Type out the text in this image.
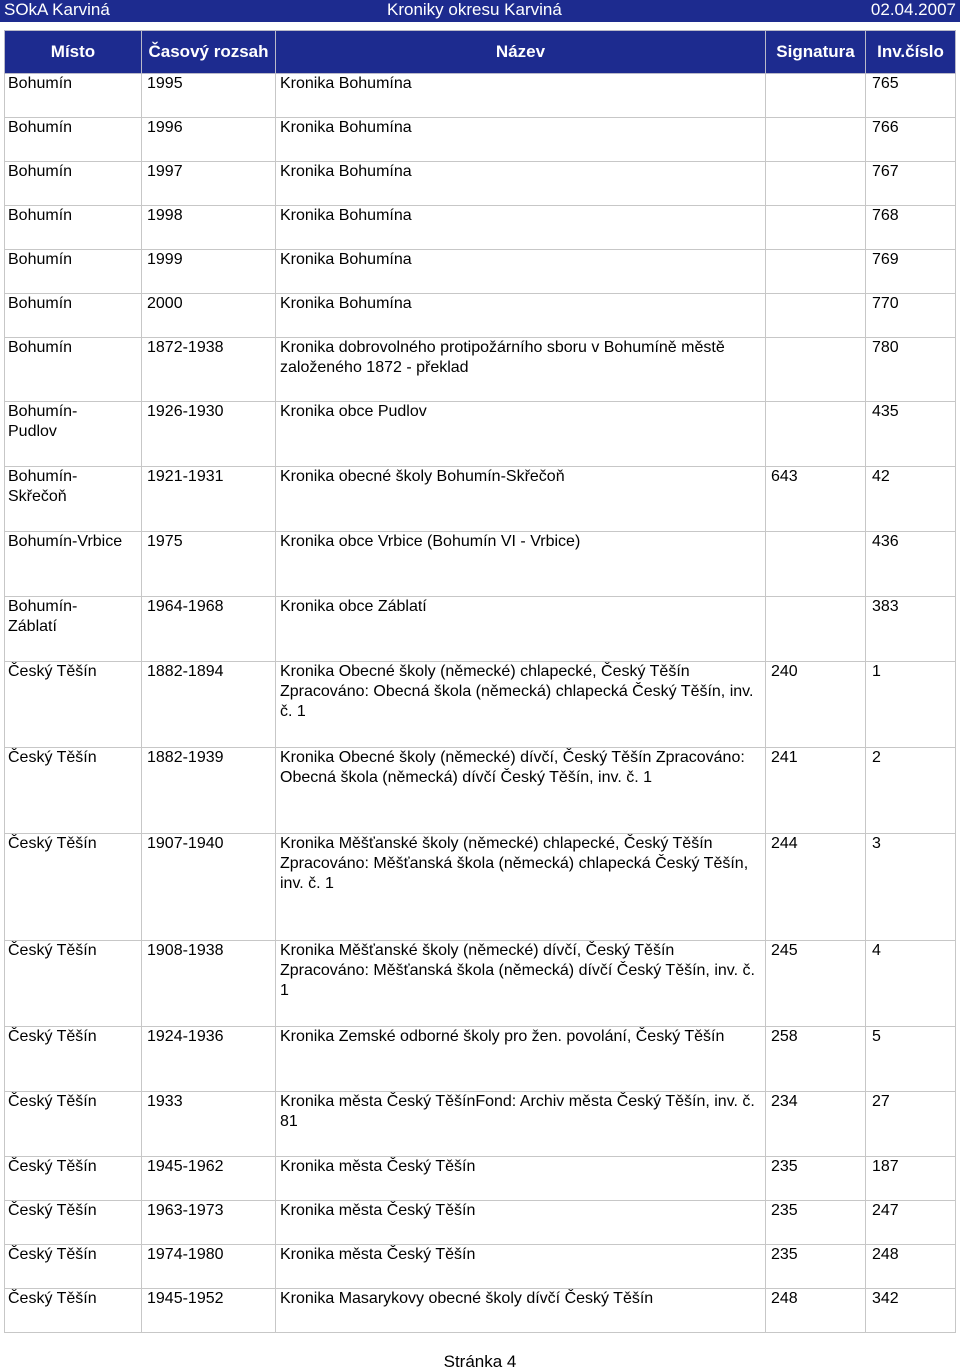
SOkA Karviná	Kroniky okresu Karviná	02.04.2007
Místo	Časový rozsah	Název	Signatura	Inv.číslo
Bohumín	1995	Kronika Bohumína		765
Bohumín	1996	Kronika Bohumína		766
Bohumín	1997	Kronika Bohumína		767
Bohumín	1998	Kronika Bohumína		768
Bohumín	1999	Kronika Bohumína		769
Bohumín	2000	Kronika Bohumína		770
Bohumín	1872-1938	Kronika dobrovolného protipožárního sboru v Bohumíně městě založeného 1872 - překlad		780
Bohumín-
Pudlov	1926-1930	Kronika obce Pudlov		435
Bohumín-
Skřečoň	1921-1931	Kronika obecné školy Bohumín-Skřečoň	643	42
Bohumín-Vrbice	1975	Kronika obce Vrbice (Bohumín VI - Vrbice)		436
Bohumín-
Záblatí	1964-1968	Kronika obce Záblatí		383
Český Těšín	1882-1894	Kronika Obecné školy (německé) chlapecké, Český Těšín Zpracováno: Obecná škola (německá) chlapecká Český Těšín, inv. č. 1	240	1
Český Těšín	1882-1939	Kronika Obecné školy (německé) dívčí, Český Těšín Zpracováno: Obecná škola (německá) dívčí Český Těšín, inv. č. 1	241	2
Český Těšín	1907-1940	Kronika Měšťanské školy (německé) chlapecké, Český Těšín Zpracováno: Měšťanská škola (německá) chlapecká Český Těšín, inv. č. 1	244	3
Český Těšín	1908-1938	Kronika Měšťanské školy (německé) dívčí, Český Těšín Zpracováno: Měšťanská škola (německá) dívčí Český Těšín, inv. č. 1	245	4
Český Těšín	1924-1936	Kronika Zemské odborné školy pro žen. povolání, Český Těšín	258	5
Český Těšín	1933	Kronika města Český TěšínFond: Archiv města Český Těšín, inv. č. 81	234	27
Český Těšín	1945-1962	Kronika města Český Těšín	235	187
Český Těšín	1963-1973	Kronika města Český Těšín	235	247
Český Těšín	1974-1980	Kronika města Český Těšín	235	248
Český Těšín	1945-1952	Kronika Masarykovy obecné školy dívčí Český Těšín	248	342
Stránka 4
